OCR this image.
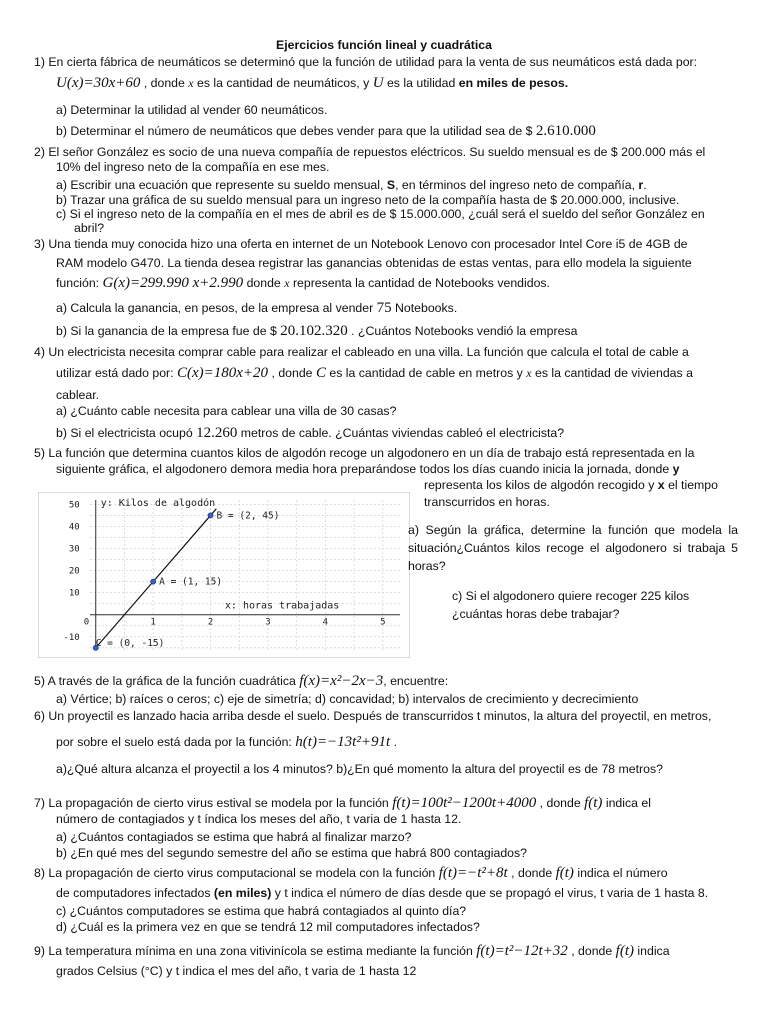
Ejercicios función lineal y cuadrática
1) En cierta fábrica de neumáticos se determinó que la función de utilidad para la venta de sus neumáticos está dada por:
U(x)=30x+60 , donde x es la cantidad de neumáticos, y U es la utilidad en miles de pesos.
a) Determinar la utilidad al vender 60 neumáticos.
b) Determinar el número de neumáticos que debes vender para que la utilidad sea de $ 2.610.000
2) El señor González es socio de una nueva compañía de repuestos eléctricos. Su sueldo mensual es de $ 200.000 más el
10% del ingreso neto de la compañía en ese mes.
a) Escribir una ecuación que represente su sueldo mensual, S, en términos del ingreso neto de compañía, r.
b) Trazar una gráfica de su sueldo mensual para un ingreso neto de la compañía hasta de $ 20.000.000, inclusive.
c) Si el ingreso neto de la compañía en el mes de abril es de $ 15.000.000, ¿cuál será el sueldo del señor González en
abril?
3) Una tienda muy conocida hizo una oferta en internet de un Notebook Lenovo con procesador Intel Core i5 de 4GB de
RAM modelo G470. La tienda desea registrar las ganancias obtenidas de estas ventas, para ello modela la siguiente
función: G(x)=299.990 x+2.990 donde x representa la cantidad de Notebooks vendidos.
a) Calcula la ganancia, en pesos, de la empresa al vender 75 Notebooks.
b) Si la ganancia de la empresa fue de $ 20.102.320 . ¿Cuántos Notebooks vendió la empresa
4) Un electricista necesita comprar cable para realizar el cableado en una villa. La función que calcula el total de cable a
utilizar está dado por: C(x)=180x+20 , donde C es la cantidad de cable en metros y x es la cantidad de viviendas a
cablear.
a) ¿Cuánto cable necesita para cablear una villa de 30 casas?
b) Si el electricista ocupó 12.260 metros de cable. ¿Cuántas viviendas cableó el electricista?
5) La función que determina cuantos kilos de algodón recoge un algodonero en un día de trabajo está representada en la
siguiente gráfica, el algodonero demora media hora preparándose todos los días cuando inicia la jornada, donde y
representa los kilos de algodón recogido y x el tiempo
transcurridos en horas.
1	2	3	4	5
-10
10
20
30
40
50
0
C = (0, -15)
A = (1, 15)
B = (2, 45)
y: Kilos de algodón
x: horas trabajadas
a) Según la gráfica, determine la función que modela la situación¿Cuántos kilos recoge el algodonero si trabaja 5 horas?
c) Si el algodonero quiere recoger 225 kilos ¿cuántas horas debe trabajar?
5) A través de la gráfica de la función cuadrática f(x)=x²−2x−3, encuentre:
a) Vértice; b) raíces o ceros; c) eje de simetría; d) concavidad; b) intervalos de crecimiento y decrecimiento
6) Un proyectil es lanzado hacia arriba desde el suelo. Después de transcurridos t minutos, la altura del proyectil, en metros,
por sobre el suelo está dada por la función: h(t)=−13t²+91t .
a)¿Qué altura alcanza el proyectil a los 4 minutos? b)¿En qué momento la altura del proyectil es de 78 metros?
7) La propagación de cierto virus estival se modela por la función f(t)=100t²−1200t+4000 , donde f(t) indica el
número de contagiados y t índica los meses del año, t varia de 1 hasta 12.
a) ¿Cuántos contagiados se estima que habrá al finalizar marzo?
b) ¿En qué mes del segundo semestre del año se estima que habrá 800 contagiados?
8) La propagación de cierto virus computacional se modela con la función f(t)=−t²+8t , donde f(t) indica el número
de computadores infectados (en miles) y t indica el número de días desde que se propagó el virus, t varia de 1 hasta 8.
c) ¿Cuántos computadores se estima que habrá contagiados al quinto día?
d) ¿Cuál es la primera vez en que se tendrá 12 mil computadores infectados?
9) La temperatura mínima en una zona vitivinícola se estima mediante la función f(t)=t²−12t+32 , donde f(t) indica
grados Celsius (°C) y t indica el mes del año, t varia de 1 hasta 12
